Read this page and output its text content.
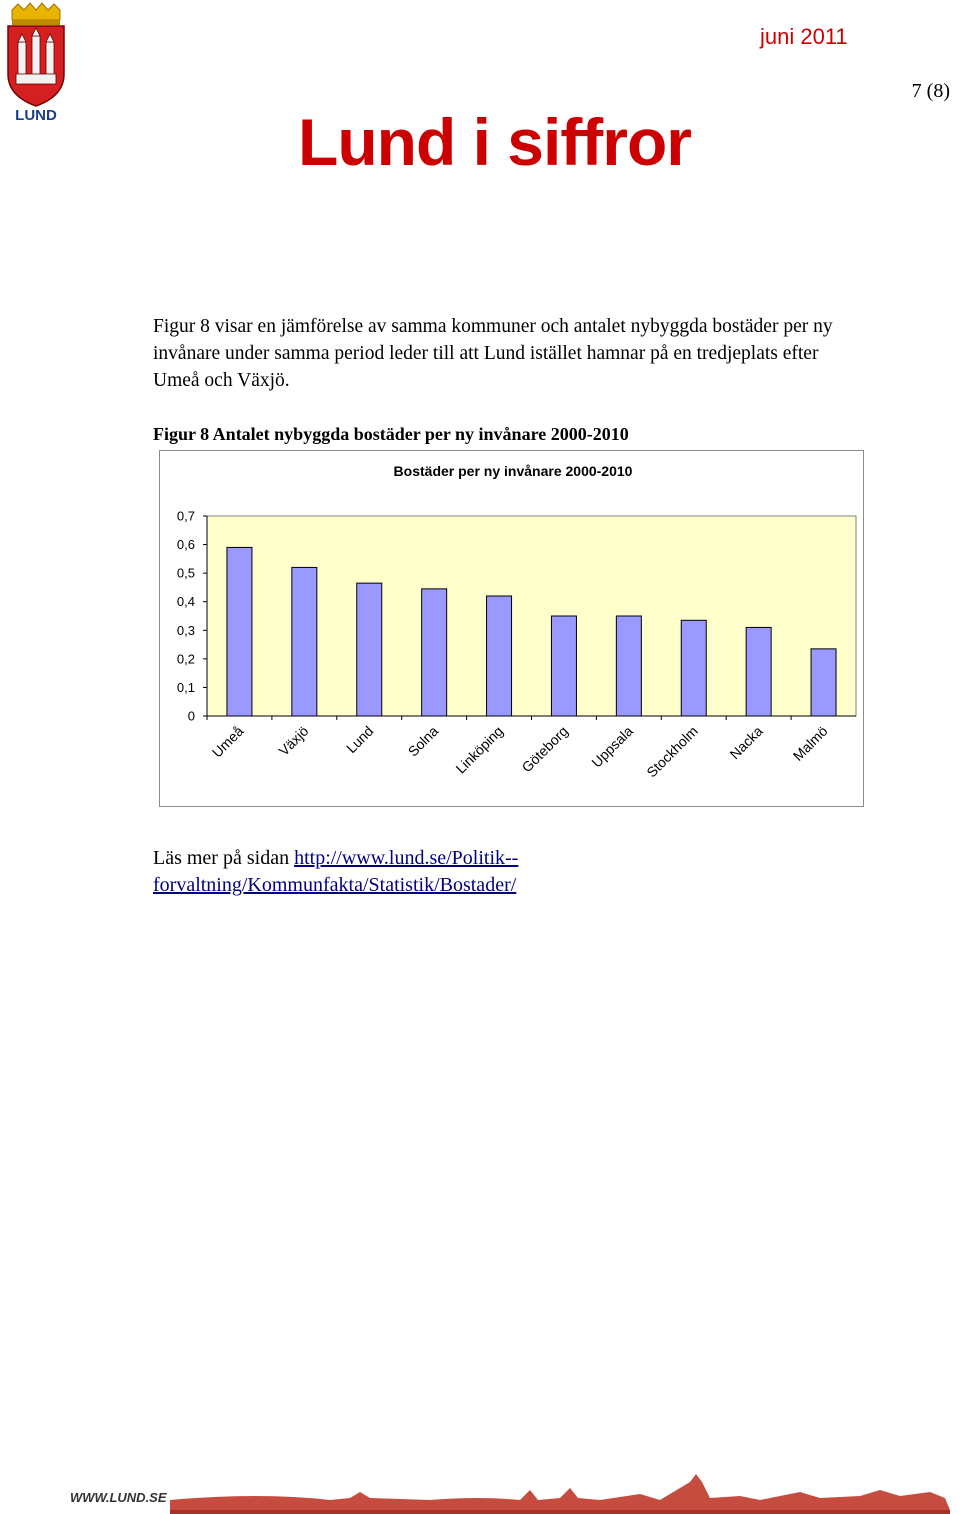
LUND
juni 2011
7 (8)
Lund i siffror
Figur 8 visar en jämförelse av samma kommuner och antalet nybyggda bostäder per ny invånare under samma period leder till att Lund istället hamnar på en tredjeplats efter Umeå och Växjö.
Figur 8 Antalet nybyggda bostäder per ny invånare 2000-2010
Bostäder per ny invånare 2000-2010
0
0,1
0,2
0,3
0,4
0,5
0,6
0,7
Umeå Växjö Lund Solna Linköping Göteborg Uppsala Stockholm Nacka Malmö
Läs mer på sidan http://www.lund.se/Politik--
forvaltning/Kommunfakta/Statistik/Bostader/
WWW.LUND.SE
